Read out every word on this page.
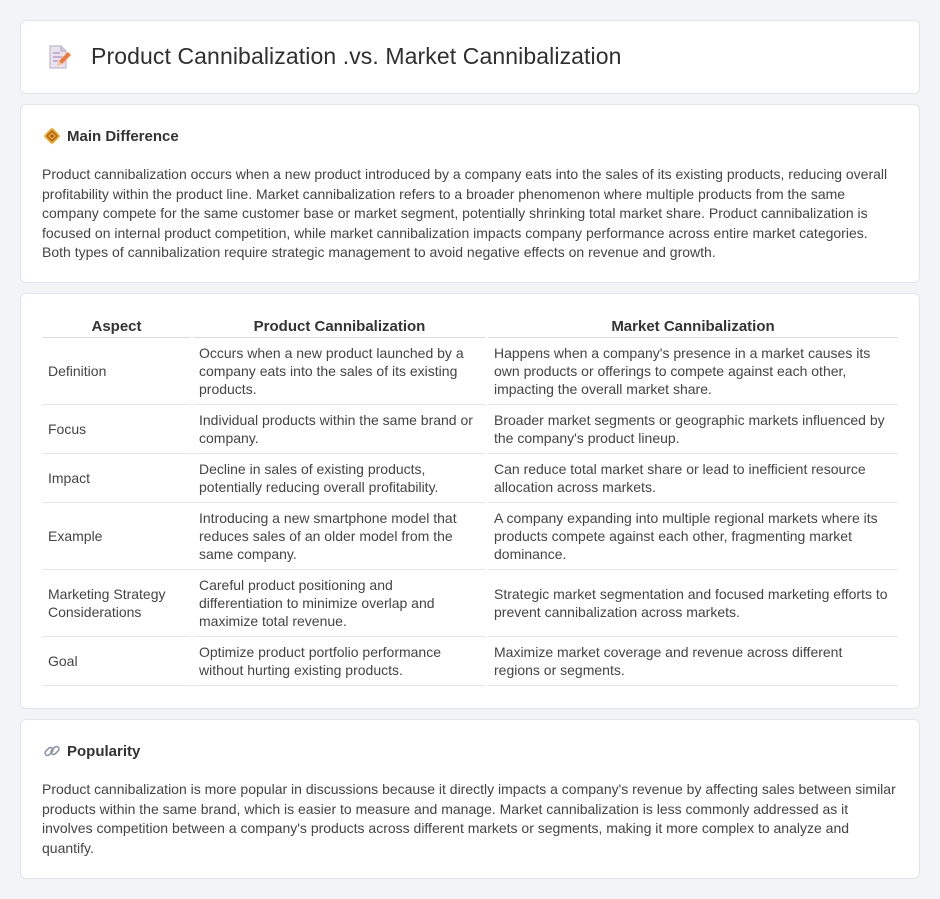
Product Cannibalization .vs. Market Cannibalization
Main Difference

Product cannibalization occurs when a new product introduced by a company eats into the sales of its existing products, reducing overall profitability within the product line. Market cannibalization refers to a broader phenomenon where multiple products from the same company compete for the same customer base or market segment, potentially shrinking total market share. Product cannibalization is focused on internal product competition, while market cannibalization impacts company performance across entire market categories. Both types of cannibalization require strategic management to avoid negative effects on revenue and growth.

Aspect	Product Cannibalization	Market Cannibalization
Definition	Occurs when a new product launched by a company eats into the sales of its existing products.	Happens when a company's presence in a market causes its own products or offerings to compete against each other, impacting the overall market share.
Focus	Individual products within the same brand or company.	Broader market segments or geographic markets influenced by the company's product lineup.
Impact	Decline in sales of existing products, potentially reducing overall profitability.	Can reduce total market share or lead to inefficient resource allocation across markets.
Example	Introducing a new smartphone model that reduces sales of an older model from the same company.	A company expanding into multiple regional markets where its products compete against each other, fragmenting market dominance.
Marketing Strategy Considerations	Careful product positioning and differentiation to minimize overlap and maximize total revenue.	Strategic market segmentation and focused marketing efforts to prevent cannibalization across markets.
Goal	Optimize product portfolio performance without hurting existing products.	Maximize market coverage and revenue across different regions or segments.
Popularity

Product cannibalization is more popular in discussions because it directly impacts a company's revenue by affecting sales between similar products within the same brand, which is easier to measure and manage. Market cannibalization is less commonly addressed as it involves competition between a company's products across different markets or segments, making it more complex to analyze and quantify.
